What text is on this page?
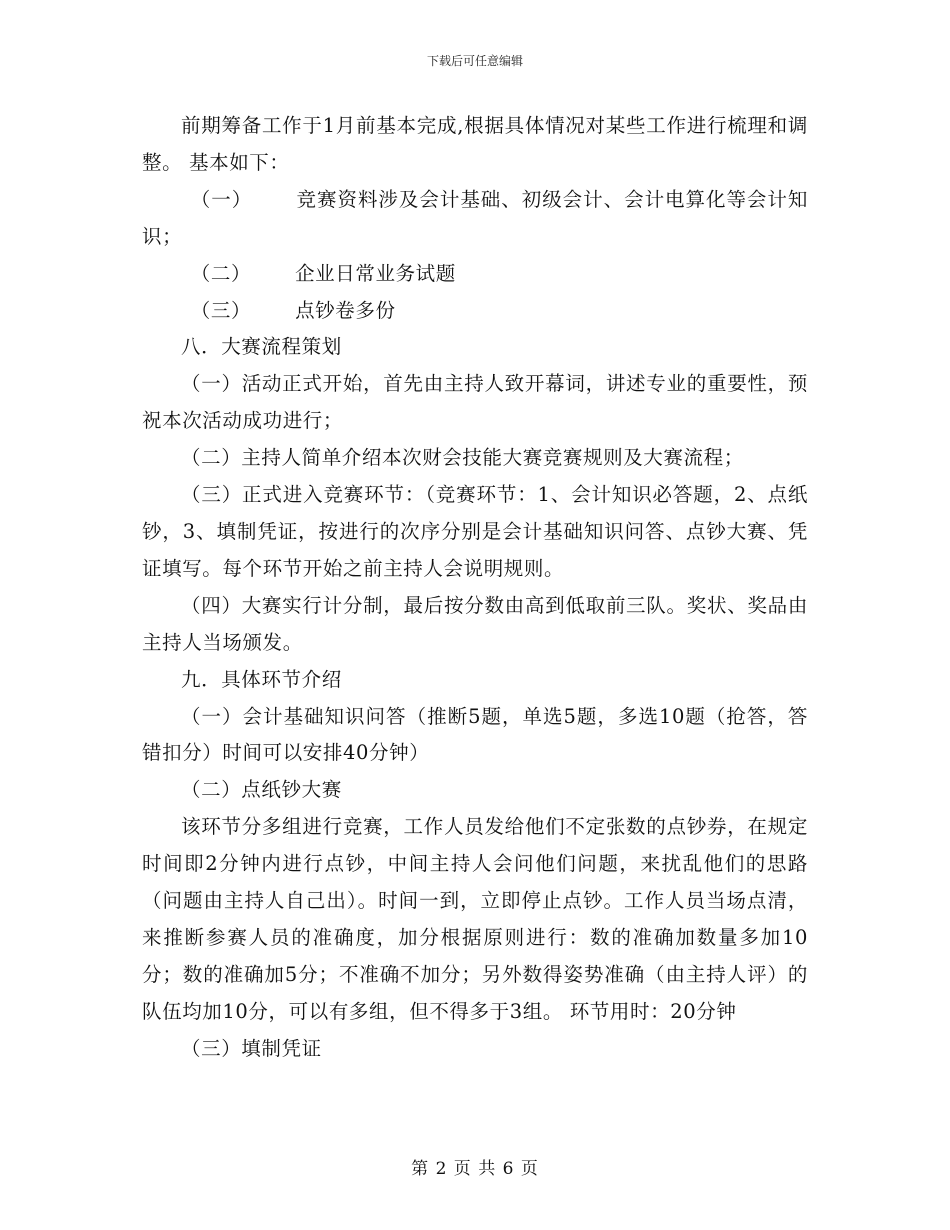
下载后可任意编辑

前期筹备工作于1月前基本完成,根据具体情况对某些工作进行梳理和调整。 基本如下：

（一） 竞赛资料涉及会计基础、初级会计、会计电算化等会计知识；

（二） 企业日常业务试题

（三） 点钞卷多份

八．大赛流程策划

（一）活动正式开始，首先由主持人致开幕词，讲述专业的重要性，预祝本次活动成功进行；

（二）主持人简单介绍本次财会技能大赛竞赛规则及大赛流程；

（三）正式进入竞赛环节：（竞赛环节：1、会计知识必答题，2、点纸钞，3、填制凭证，按进行的次序分别是会计基础知识问答、点钞大赛、凭证填写。每个环节开始之前主持人会说明规则。

（四）大赛实行计分制，最后按分数由高到低取前三队。奖状、奖品由主持人当场颁发。

九．具体环节介绍

（一）会计基础知识问答（推断5题，单选5题，多选10题（抢答，答错扣分）时间可以安排40分钟）

（二）点纸钞大赛

该环节分多组进行竞赛，工作人员发给他们不定张数的点钞券，在规定时间即2分钟内进行点钞，中间主持人会问他们问题，来扰乱他们的思路（问题由主持人自己出）。时间一到，立即停止点钞。工作人员当场点清，来推断参赛人员的准确度，加分根据原则进行：数的准确加数量多加10分；数的准确加5分；不准确不加分；另外数得姿势准确（由主持人评）的队伍均加10分，可以有多组，但不得多于3组。 环节用时：20分钟

（三）填制凭证

第 2 页 共 6 页
